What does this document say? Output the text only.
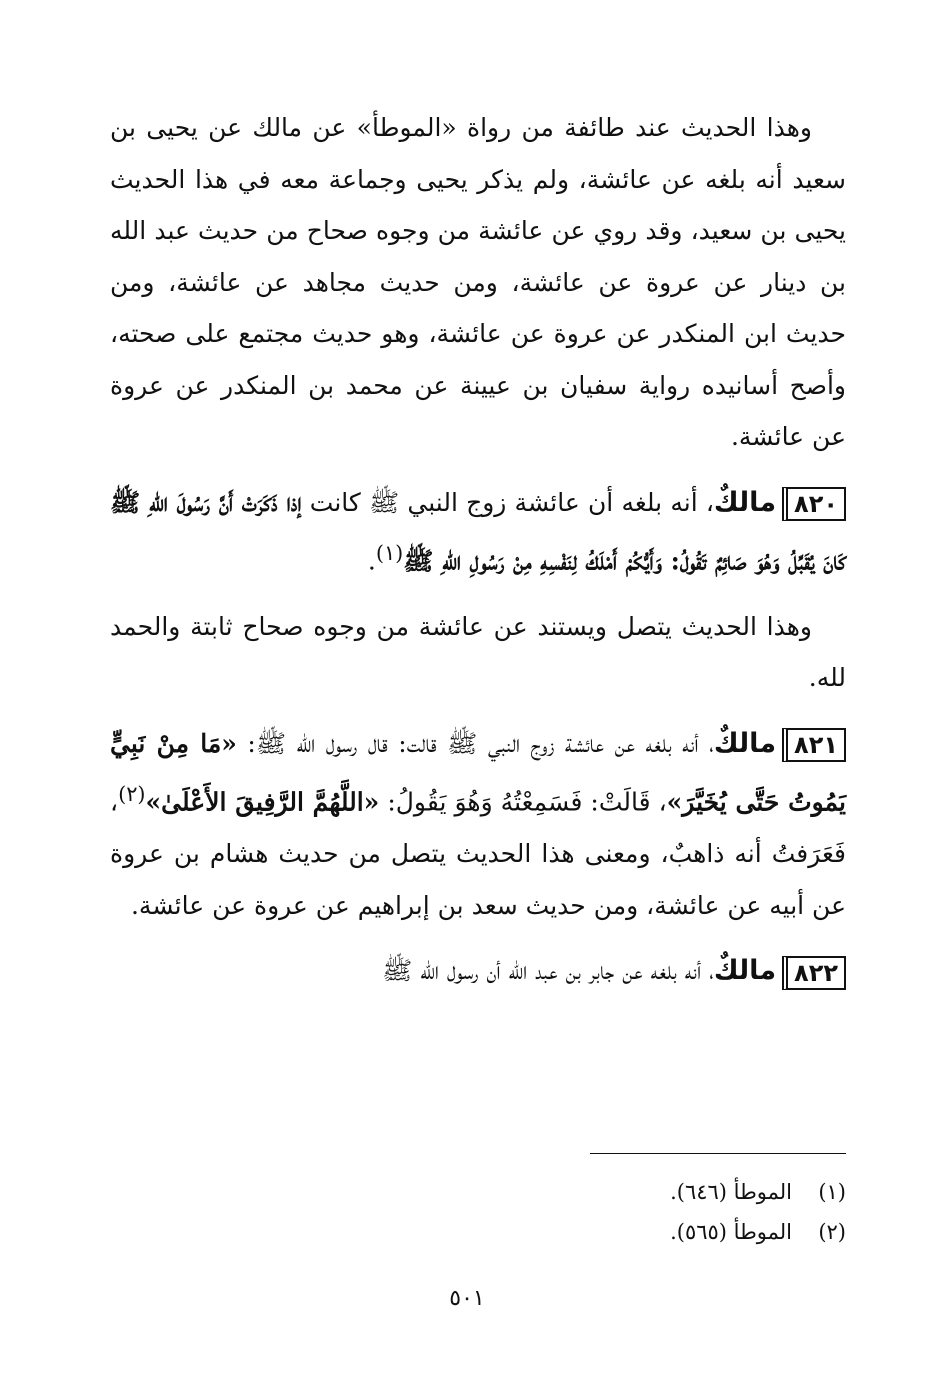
وهذا الحديث عند طائفة من رواة «الموطأ» عن مالك عن يحيى بن سعيد أنه بلغه عن عائشة، ولم يذكر يحيى وجماعة معه في هذا الحديث يحيى بن سعيد، وقد روي عن عائشة من وجوه صحاح من حديث عبد الله بن دينار عن عروة عن عائشة، ومن حديث مجاهد عن عائشة، ومن حديث ابن المنكدر عن عروة عن عائشة، وهو حديث مجتمع على صحته، وأصح أسانيده رواية سفيان بن عيينة عن محمد بن المنكدر عن عروة عن عائشة.

٨٢٠مالكٌ، أنه بلغه أن عائشة زوج النبي ﷺ كانت إذا ذَكَرَتْ أَنَّ رَسُولَ اللهِ ﷺ كَانَ يُقَبِّلُ وَهُوَ صَائِمٌ تَقُولُ: وَأَيُّكُمْ أَمْلَكُ لِنَفْسِهِ مِنْ رَسُولِ اللهِ ﷺ$^{(١)}$.

وهذا الحديث يتصل ويستند عن عائشة من وجوه صحاح ثابتة والحمد لله.

٨٢١مالكٌ، أنه بلغه عن عائشة زوج النبي ﷺ قالت: قال رسول الله ﷺ: «مَا مِنْ نَبِيٍّ يَمُوتُ حَتَّى يُخَيَّرَ»، قَالَتْ: فَسَمِعْتُهُ وَهُوَ يَقُولُ: «اللَّهُمَّ الرَّفِيقَ الأَعْلَىٰ»$^{(٢)}$، فَعَرَفتُ أنه ذاهبٌ، ومعنى هذا الحديث يتصل من حديث هشام بن عروة عن أبيه عن عائشة، ومن حديث سعد بن إبراهيم عن عروة عن عائشة.

٨٢٢مالكٌ، أنه بلغه عن جابر بن عبد الله أن رسول الله ﷺ

(١)الموطأ (٦٤٦).

(٢)الموطأ (٥٦٥).

٥٠١
